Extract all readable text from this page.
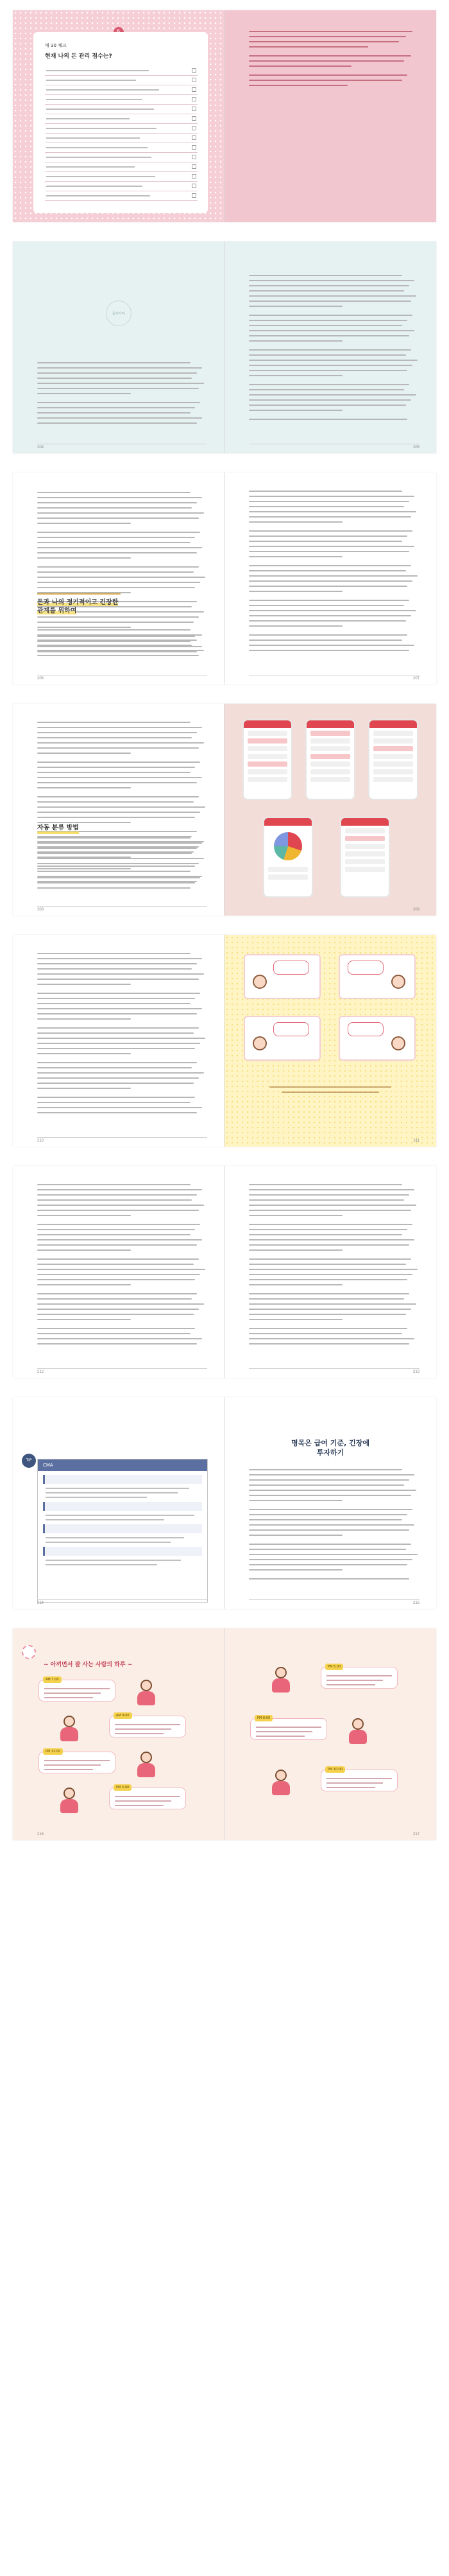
매 30 체크
현재 나의 돈 관리 점수는?
들어가며
204	205
돈과 나의 정기적이고 긴장한 관계를 위하여
206	207
자동 분류 방법
208	209
210	211
212	213
TIP
CMA
214
명목은 급여 기준, 긴장에 투자하기
215
~ 아끼면서 잘 사는 사람의 하루 ~
AM 7:00
AM 9:00
PM 12:00
PM 3:00
216
PM 6:00
PM 8:00
PM 10:00
217
